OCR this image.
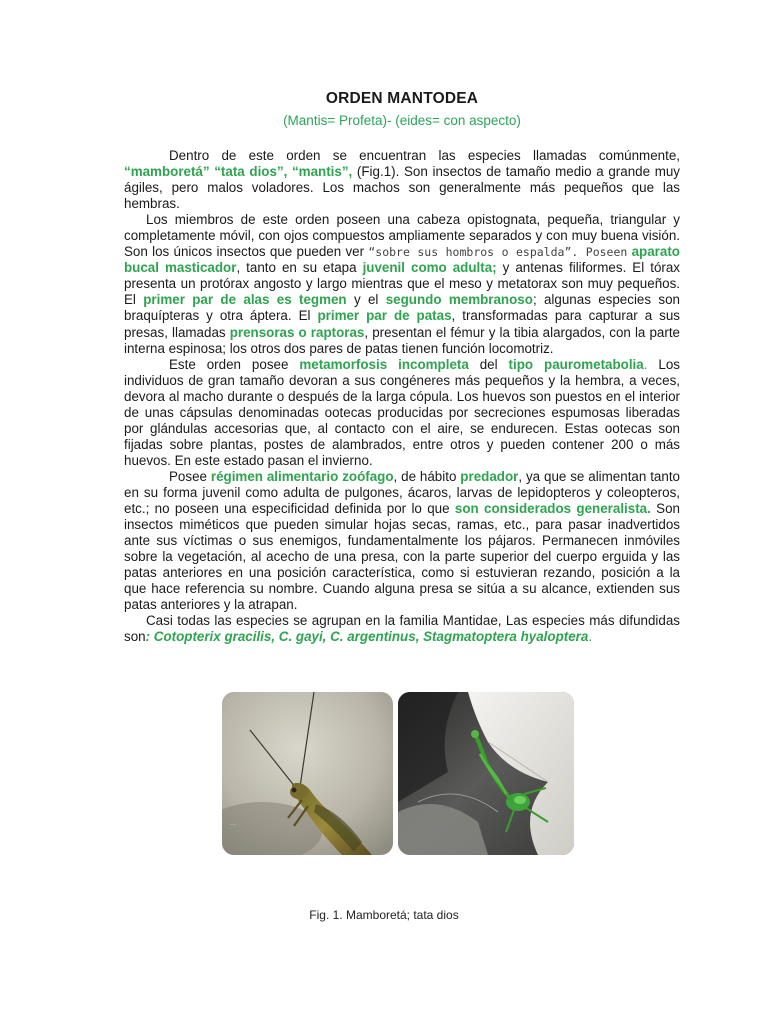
ORDEN MANTODEA
(Mantis= Profeta)- (eides= con aspecto)

Dentro de este orden se encuentran las especies llamadas comúnmente, “mamboretá” “tata dios”, “mantis”, (Fig.1). Son insectos de tamaño medio a grande muy ágiles, pero malos voladores. Los machos son generalmente más pequeños que las hembras.

Los miembros de este orden poseen una cabeza opistognata, pequeña, triangular y completamente móvil, con ojos compuestos ampliamente separados y con muy buena visión. Son los únicos insectos que pueden ver “sobre sus hombros o espalda”. Poseen aparato bucal masticador, tanto en su etapa juvenil como adulta; y antenas filiformes. El tórax presenta un protórax angosto y largo mientras que el meso y metatorax son muy pequeños. El primer par de alas es tegmen y el segundo membranoso; algunas especies son braquípteras y otra áptera. El primer par de patas, transformadas para capturar a sus presas, llamadas prensoras o raptoras, presentan el fémur y la tibia alargados, con la parte interna espinosa; los otros dos pares de patas tienen función locomotriz.

Este orden posee metamorfosis incompleta del tipo paurometabolia. Los individuos de gran tamaño devoran a sus congéneres más pequeños y la hembra, a veces, devora al macho durante o después de la larga cópula. Los huevos son puestos en el interior de unas cápsulas denominadas ootecas producidas por secreciones espumosas liberadas por glándulas accesorias que, al contacto con el aire, se endurecen. Estas ootecas son fijadas sobre plantas, postes de alambrados, entre otros y pueden contener 200 o más huevos. En este estado pasan el invierno.

Posee régimen alimentario zoófago, de hábito predador, ya que se alimentan tanto en su forma juvenil como adulta de pulgones, ácaros, larvas de lepidopteros y coleopteros, etc.; no poseen una especificidad definida por lo que son considerados generalista. Son insectos miméticos que pueden simular hojas secas, ramas, etc., para pasar inadvertidos ante sus víctimas o sus enemigos, fundamentalmente los pájaros. Permanecen inmóviles sobre la vegetación, al acecho de una presa, con la parte superior del cuerpo erguida y las patas anteriores en una posición característica, como si estuvieran rezando, posición a la que hace referencia su nombre. Cuando alguna presa se sitúa a su alcance, extienden sus patas anteriores y la atrapan.

Casi todas las especies se agrupan en la familia Mantidae, Las especies más difundidas son: Cotopterix gracilis, C. gayi, C. argentinus, Stagmatoptera hyaloptera.

·····
Fig. 1. Mamboretá; tata dios
